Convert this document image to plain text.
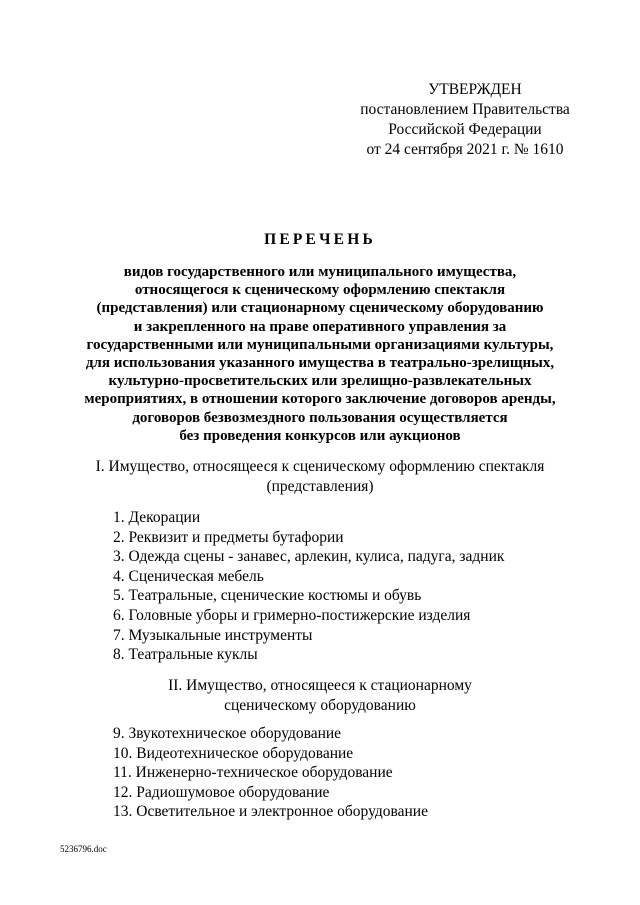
УТВЕРЖДЕН
постановлением Правительства
Российской Федерации
от 24 сентября 2021 г. № 1610
ПЕРЕЧЕНЬ
видов государственного или муниципального имущества,
относящегося к сценическому оформлению спектакля
(представления) или стационарному сценическому оборудованию
и закрепленного на праве оперативного управления за
государственными или муниципальными организациями культуры,
для использования указанного имущества в театрально-зрелищных,
культурно-просветительских или зрелищно-развлекательных
мероприятиях, в отношении которого заключение договоров аренды,
договоров безвозмездного пользования осуществляется
без проведения конкурсов или аукционов
I. Имущество, относящееся к сценическому оформлению спектакля
(представления)
1. Декорации
2. Реквизит и предметы бутафории
3. Одежда сцены - занавес, арлекин, кулиса, падуга, задник
4. Сценическая мебель
5. Театральные, сценические костюмы и обувь
6. Головные уборы и гримерно-постижерские изделия
7. Музыкальные инструменты
8. Театральные куклы
II. Имущество, относящееся к стационарному
сценическому оборудованию
9. Звукотехническое оборудование
10. Видеотехническое оборудование
11. Инженерно-техническое оборудование
12. Радиошумовое оборудование
13. Осветительное и электронное оборудование
5236796.doc
